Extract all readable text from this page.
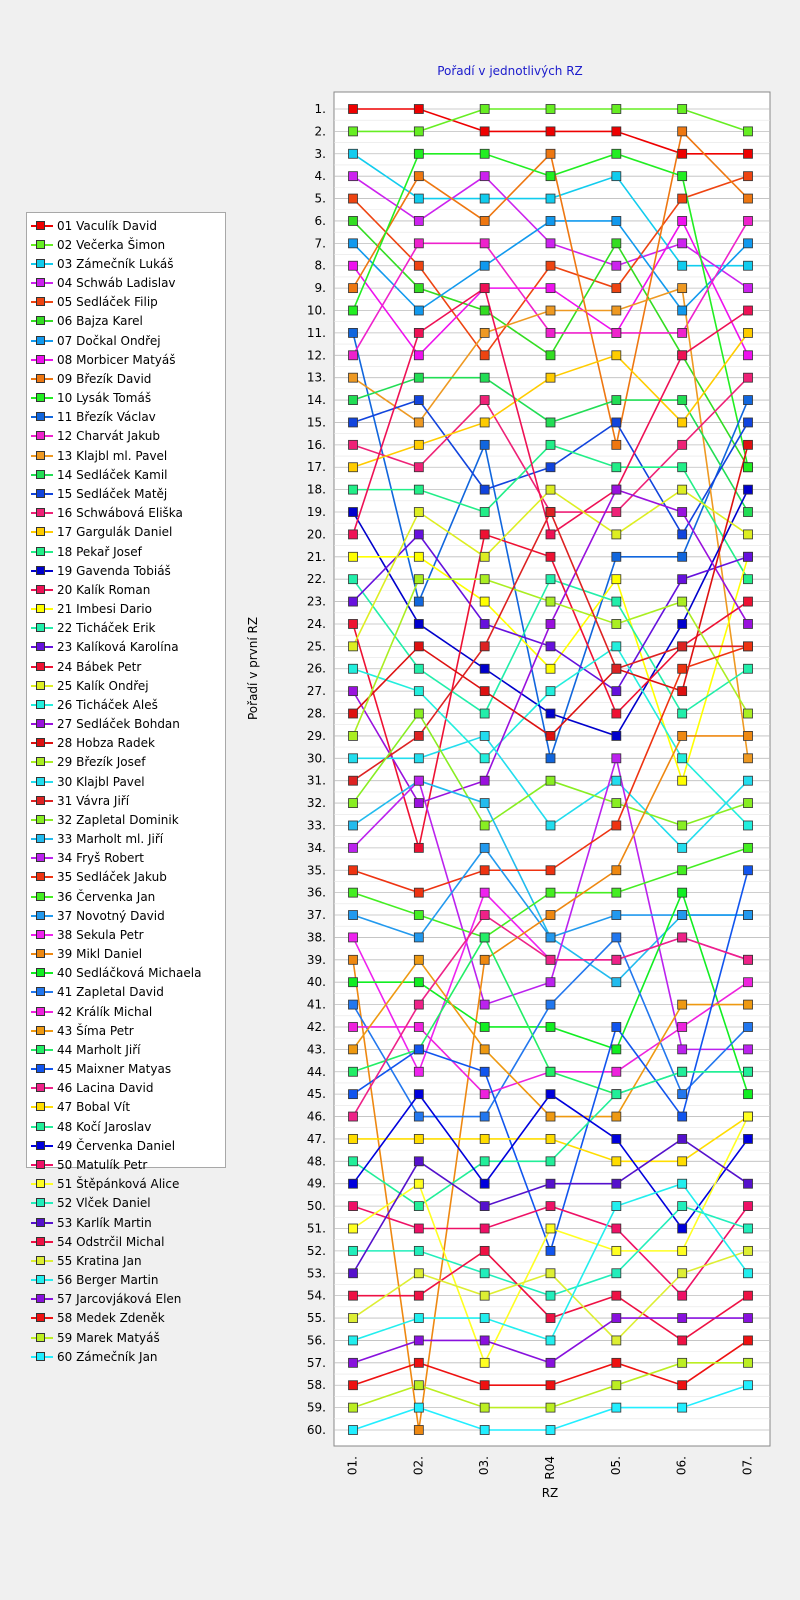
Pořadí v jednotlivých RZ
Pořadí v první RZ
01 Vaculík David
02 Večerka Šimon
03 Zámečník Lukáš
04 Schwáb Ladislav
05 Sedláček Filip
06 Bajza Karel
07 Dočkal Ondřej
08 Morbicer Matyáš
09 Březík David
10 Lysák Tomáš
11 Březík Václav
12 Charvát Jakub
13 Klajbl ml. Pavel
14 Sedláček Kamil
15 Sedláček Matěj
16 Schwábová Eliška
17 Gargulák Daniel
18 Pekař Josef
19 Gavenda Tobiáš
20 Kalík Roman
21 Imbesi Dario
22 Ticháček Erik
23 Kalíková Karolína
24 Bábek Petr
25 Kalík Ondřej
26 Ticháček Aleš
27 Sedláček Bohdan
28 Hobza Radek
29 Březík Josef
30 Klajbl Pavel
31 Vávra Jiří
32 Zapletal Dominik
33 Marholt ml. Jiří
34 Fryš Robert
35 Sedláček Jakub
36 Červenka Jan
37 Novotný David
38 Sekula Petr
39 Mikl Daniel
40 Sedláčková Michaela
41 Zapletal David
42 Králík Michal
43 Šíma Petr
44 Marholt Jiří
45 Maixner Matyas
46 Lacina David
47 Bobal Vít
48 Kočí Jaroslav
49 Červenka Daniel
50 Matulík Petr
51 Štěpánková Alice
52 Vlček Daniel
53 Karlík Martin
54 Odstrčil Michal
55 Kratina Jan
56 Berger Martin
57 Jarcovjáková Elen
58 Medek Zdeněk
59 Marek Matyáš
60 Zámečník Jan
1.
2.
3.
4.
5.
6.
7.
8.
9.
10.
11.
12.
13.
14.
15.
16.
17.
18.
19.
20.
21.
22.
23.
24.
25.
26.
27.
28.
29.
30.
31.
32.
33.
34.
35.
36.
37.
38.
39.
40.
41.
42.
43.
44.
45.
46.
47.
48.
49.
50.
51.
52.
53.
54.
55.
56.
57.
58.
59.
60.
01.	02.	03.	R04	05.	06.	07.
RZ
